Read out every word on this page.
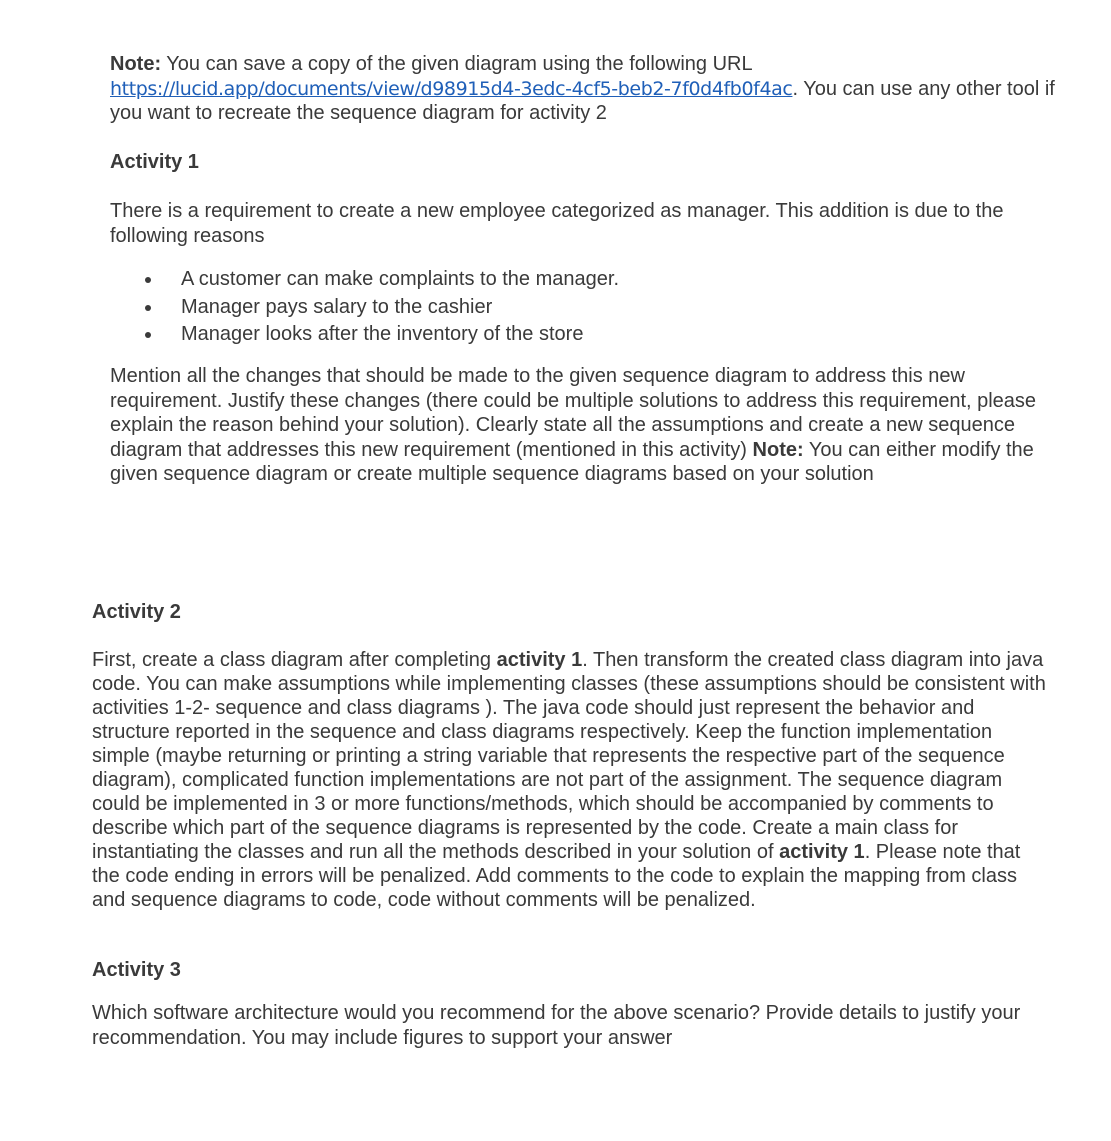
Note: You can save a copy of the given diagram using the following URL
https://lucid.app/documents/view/d98915d4-3edc-4cf5-beb2-7f0d4fb0f4ac. You can use any other tool if you want to recreate the sequence diagram for activity 2

Activity 1

There is a requirement to create a new employee categorized as manager. This addition is due to the following reasons

A customer can make complaints to the manager.
Manager pays salary to the cashier
Manager looks after the inventory of the store

Mention all the changes that should be made to the given sequence diagram to address this new requirement. Justify these changes (there could be multiple solutions to address this requirement, please explain the reason behind your solution). Clearly state all the assumptions and create a new sequence diagram that addresses this new requirement (mentioned in this activity) Note: You can either modify the given sequence diagram or create multiple sequence diagrams based on your solution

Activity 2

First, create a class diagram after completing activity 1. Then transform the created class diagram into java code. You can make assumptions while implementing classes (these assumptions should be consistent with activities 1-2- sequence and class diagrams ). The java code should just represent the behavior and structure reported in the sequence and class diagrams respectively. Keep the function implementation simple (maybe returning or printing a string variable that represents the respective part of the sequence diagram), complicated function implementations are not part of the assignment. The sequence diagram could be implemented in 3 or more functions/methods, which should be accompanied by comments to describe which part of the sequence diagrams is represented by the code. Create a main class for instantiating the classes and run all the methods described in your solution of activity 1. Please note that the code ending in errors will be penalized. Add comments to the code to explain the mapping from class and sequence diagrams to code, code without comments will be penalized.

Activity 3

Which software architecture would you recommend for the above scenario? Provide details to justify your recommendation. You may include figures to support your answer
